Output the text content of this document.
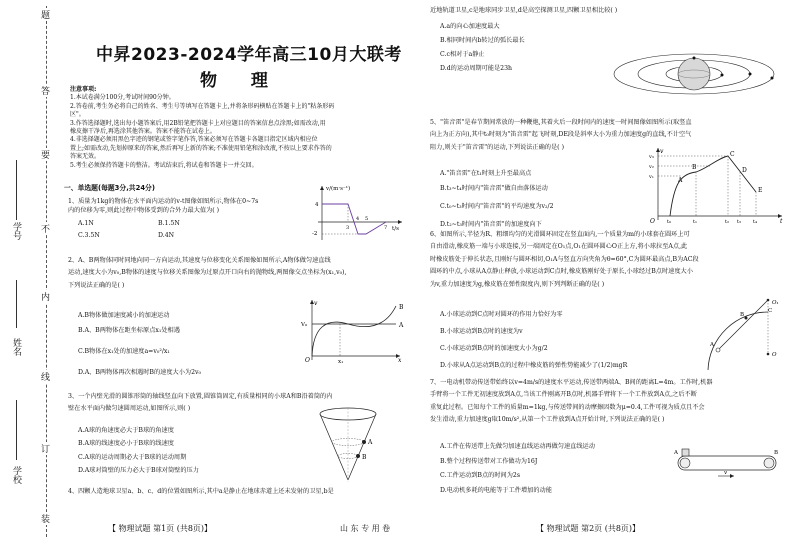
题
答
要
不
内
线
订
装
学号
姓名
学校
中昇2023-2024学年高三10月大联考
物 理
注意事项:
1.本试卷满分100分,考试时间90分钟。
2.答卷前,考生务必将自己的姓名、考生号等填写在答题卡上,并将条形码横贴在答题卡上的"粘条形码
区"。
3.作答选择题时,选出每小题答案后,用2B铅笔把答题卡上对应题目的答案信息点涂黑;如需改动,用
橡皮擦干净后,再选涂其他答案。答案不能答在试卷上。
4.非选择题必须用黑色字迹的钢笔或签字笔作答,答案必须写在答题卡各题目指定区域内相应位
置上;如需改动,先划掉原来的答案,然后再写上新的答案;不准使用铅笔和涂改液,不按以上要求作答的
答案无效。
5.考生必须保持答题卡的整洁。考试结束后,将试卷和答题卡一并交回。
一、单选题(每题3分,共24分)
1、质量为1kg的物体在水平面内运动的v-t图像如图所示,物体在0~7s
内的位移为零,则此过程中物体受到的合外力最大值为( )
A.1N	B.1.5N
C.3.5N	D.4N
v/(m·s⁻¹)
t/s
4
-2
3
4 5
7
2、A、B两物体同时同地向同一方向运动,其速度与位移变化关系图像如图所示,A物体做匀速直线
运动,速度大小为v₀,B物体的速度与位移关系图像为过原点开口向右的抛物线,两图像交点坐标为(x₁,v₀),
下列说法正确的是( )
A.B物体做加速度减小的加速运动
B.A、B两物体在距坐标原点x₁处相遇
C.B物体在x₁处的加速度a=v₀²/x₁
D.A、B两物体再次相遇时B的速度大小为2v₀
v
x
O
V₀
x₁
A
B
3、一个内壁光滑的圆锥形筒的轴线竖直向下放置,圆锥筒固定,有质量相同的小球A和B沿着筒的内
壁在水平面内做匀速圆周运动,如图所示,则( )
A.A球的角速度必大于B球的角速度
B.A球的线速度必小于B球的线速度
C.A球的运动周期必大于B球的运动周期
D.A球对筒壁的压力必大于B球对筒壁的压力
A
B
4、四颗人造地球卫星a、b、c、d的位置如图所示,其中a是静止在地球赤道上还未发射的卫星,b是
近地轨道卫星,c是地球同步卫星,d是高空探测卫星,四颗卫星相比较( )
A.a的向心加速度最大
B.相同时间内b转过的弧长最长
C.c相对于a静止
D.d的运动周期可能是23h
5、"笛音雷"是春节期间常放的一种鞭炮,其着火后一段时间内的速度一时间图像如图所示(取竖直
向上为正方向),其中t₀时刻为"笛音雷"起飞时刻,DE段是斜率大小为重力加速度g的直线,不计空气
阻力,则关于"笛音雷"的运动,下列说法正确的是( )
A."笛音雷"在t₁时刻上升至最高点
B.t₃~t₄时间内"笛音雷"做自由落体运动
C.t₀~t₃时间内"笛音雷"的平均速度为v₂/2
D.t₂~t₃时间内"笛音雷"的加速度向下
v
t
O
A
B
C
D
E
v₃
v₂
v₁
t₀	t₁	t₂ t₃ t₄
6、如图所示,半径为R、粗细均匀的光滑圆环固定在竖直面内,一个质量为m的小球套在圆环上可
自由滑动,橡皮筋一端与小球连接,另一端固定在O₁点,O₁在圆环圆心O正上方,将小球拉至A点,此
时橡皮筋处于伸长状态,且刚好与圆环相切,O₁A与竖直方向夹角为θ=60°,C为圆环最高点,B为AC段
圆环的中点,小球从A点静止释放,小球运动到C点时,橡皮筋刚好处于原长,小球经过B点时速度大小
为v,重力加速度为g,橡皮筋在弹性限度内,则下列判断正确的是( )
A.小球运动到C点时对圆环的作用力恰好为零
B.小球运动到B点时的速度为v
C.小球运动到B点时的加速度大小为g/2
D.小球从A点运动到B点的过程中橡皮筋的弹性势能减少了(1/2)mgR
O₁
O
C
B
A
7、一电动机带动传送带始终以v=4m/s的速度水平运动,传送带两端A、B间的距离L=4m。工作时,机器
手臂将一个工件无初速度放到A点,当该工件刚离开B点时,机器手臂将下一个工件放到A点,之后不断
重复此过程。已知每个工件的质量m=1kg,与传送带间的动摩擦因数为μ=0.4,工件可视为质点且不会
发生滑动,重力加速度g取10m/s²,从第一个工件放到A点开始计时,下列说法正确的是( )
A.工件在传送带上先做匀加速直线运动再做匀速直线运动
B.整个过程传送带对工作做功为16J
C.工件运动到B点的时间为2s
D.电动机多耗的电能等于工件增加的动能
v
A	B
【 物理试题 第1页 (共8页)】	山 东 专 用 卷	【 物理试题 第2页 (共8页)】
